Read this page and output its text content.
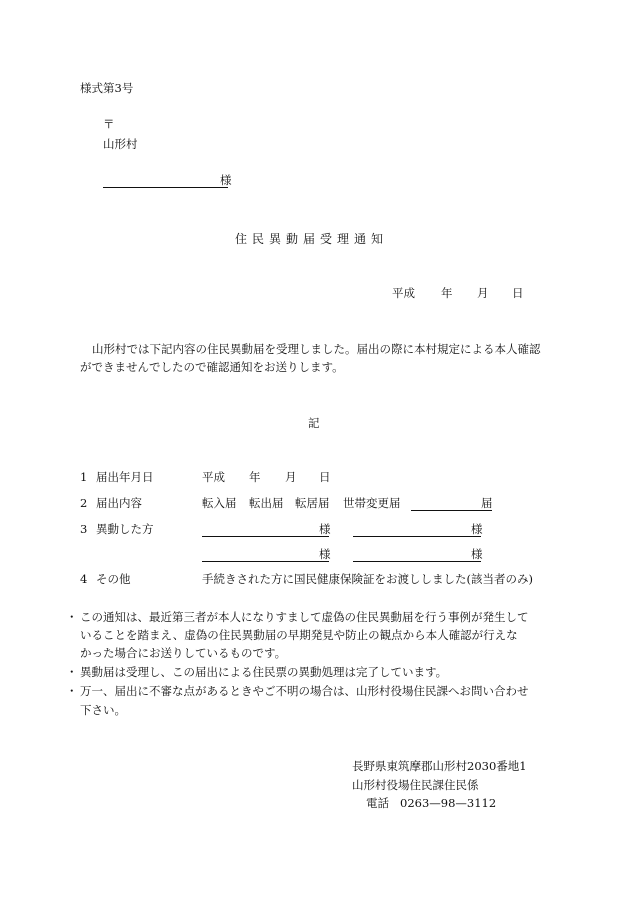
様式第3号
〒
山形村
様
住民異動届受理通知
平成 年 月 日
山形村では下記内容の住民異動届を受理しました。届出の際に本村規定による本人確認
ができませんでしたので確認通知をお送りします。
記
1 届出年月日	平成 年 月 日
2 届出内容	転入届 転出届 転居届 世帯変更届	届
3 異動した方	様	様
様	様
4 その他	手続きされた方に国民健康保険証をお渡ししました(該当者のみ)
・ この通知は、最近第三者が本人になりすまして虚偽の住民異動届を行う事例が発生して
いることを踏まえ、虚偽の住民異動届の早期発見や防止の観点から本人確認が行えな
かった場合にお送りしているものです。
・ 異動届は受理し、この届出による住民票の異動処理は完了しています。
・ 万一、届出に不審な点があるときやご不明の場合は、山形村役場住民課へお問い合わせ
下さい。
長野県東筑摩郡山形村2030番地1
山形村役場住民課住民係
電話 0263—98—3112
